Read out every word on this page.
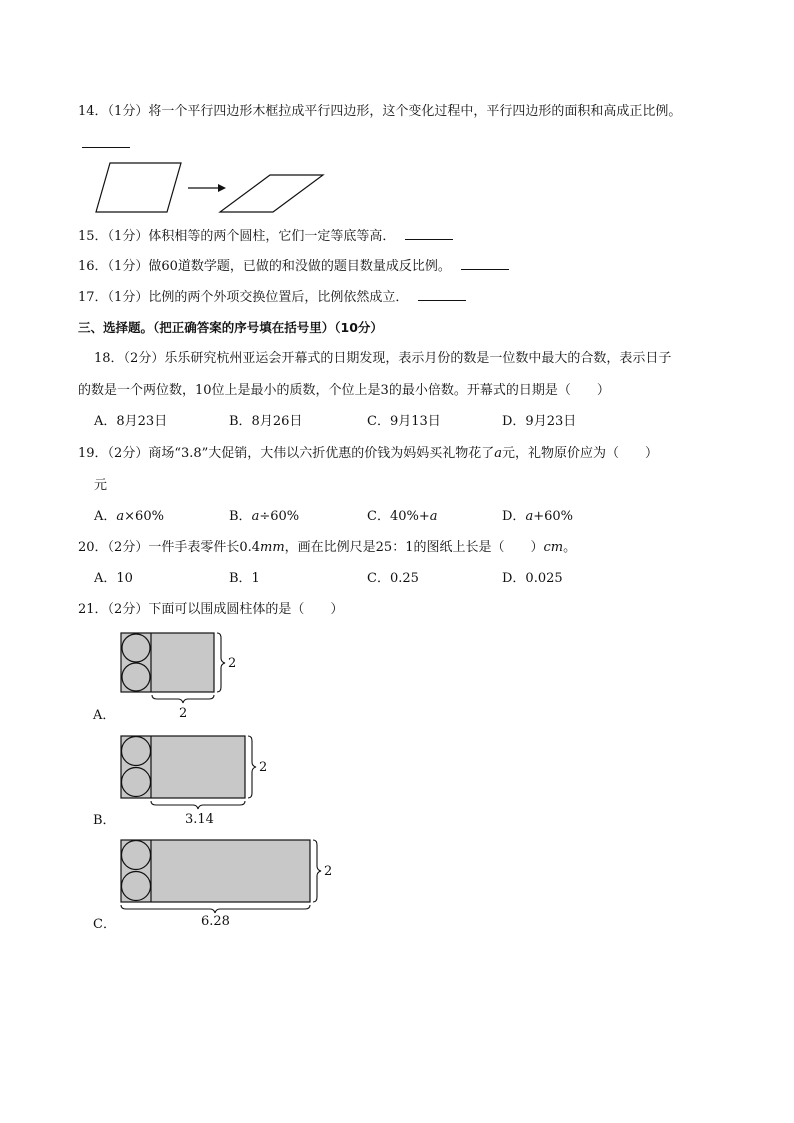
14．（1分）将一个平行四边形木框拉成平行四边形，这个变化过程中，平行四边形的面积和高成正比例。
15．（1分）体积相等的两个圆柱，它们一定等底等高．
16．（1分）做60道数学题，已做的和没做的题目数量成反比例。
17．（1分）比例的两个外项交换位置后，比例依然成立．
三、选择题。（把正确答案的序号填在括号里）（10分）
18．（2分）乐乐研究杭州亚运会开幕式的日期发现，表示月份的数是一位数中最大的合数，表示日子
的数是一个两位数，10位上是最小的质数，个位上是3的最小倍数。开幕式的日期是（　　）
A．8月23日	B．8月26日	C．9月13日	D．9月23日
19．（2分）商场“3.8”大促销，大伟以六折优惠的价钱为妈妈买礼物花了a元，礼物原价应为（　　）
元
A．a×60%	B．a÷60%	C．40%+a	D．a+60%
20．（2分）一件手表零件长0.4mm，画在比例尺是25：1的图纸上长是（　　）cm。
A．10	B．1	C．0.25	D．0.025
21．（2分）下面可以围成圆柱体的是（　　）
2
2
A．
2
3.14
B．
2
6.28
C．
